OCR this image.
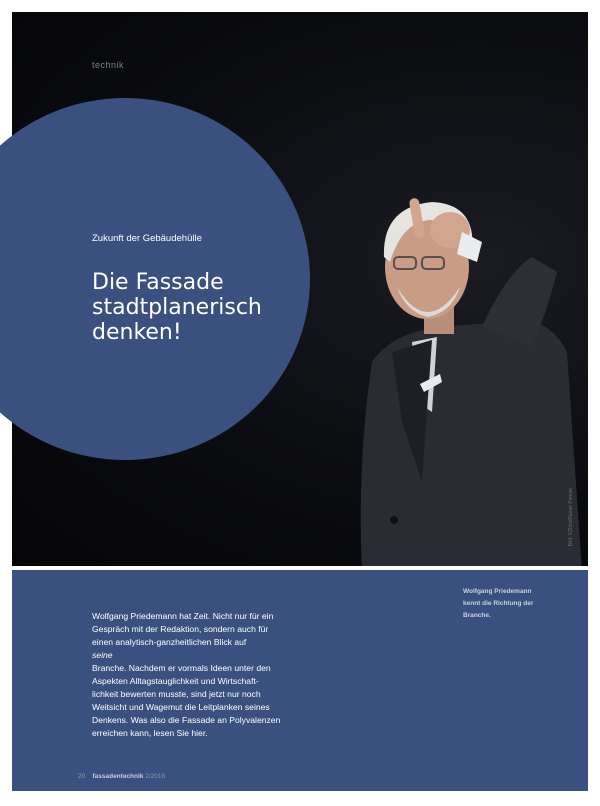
technik
Bild: VZI/cs/Rainer Freese
Zukunft der Gebäudehülle
Die Fassade
stadtplanerisch
denken!
Wolfgang Priedemann
kennt die Richtung der
Branche.
Wolfgang Priedemann hat Zeit. Nicht nur für ein
Gespräch mit der Redaktion, sondern auch für
einen analytisch-ganzheitlichen Blick auf
seine
Branche. Nachdem er vormals Ideen unter den
Aspekten Alltagstauglichkeit und Wirtschaft-
lichkeit bewerten musste, sind jetzt nur noch
Weitsicht und Wagemut die Leitplanken seines
Denkens. Was also die Fassade an Polyvalenzen
erreichen kann, lesen Sie hier.
20 fassadentechnik 2/2018
